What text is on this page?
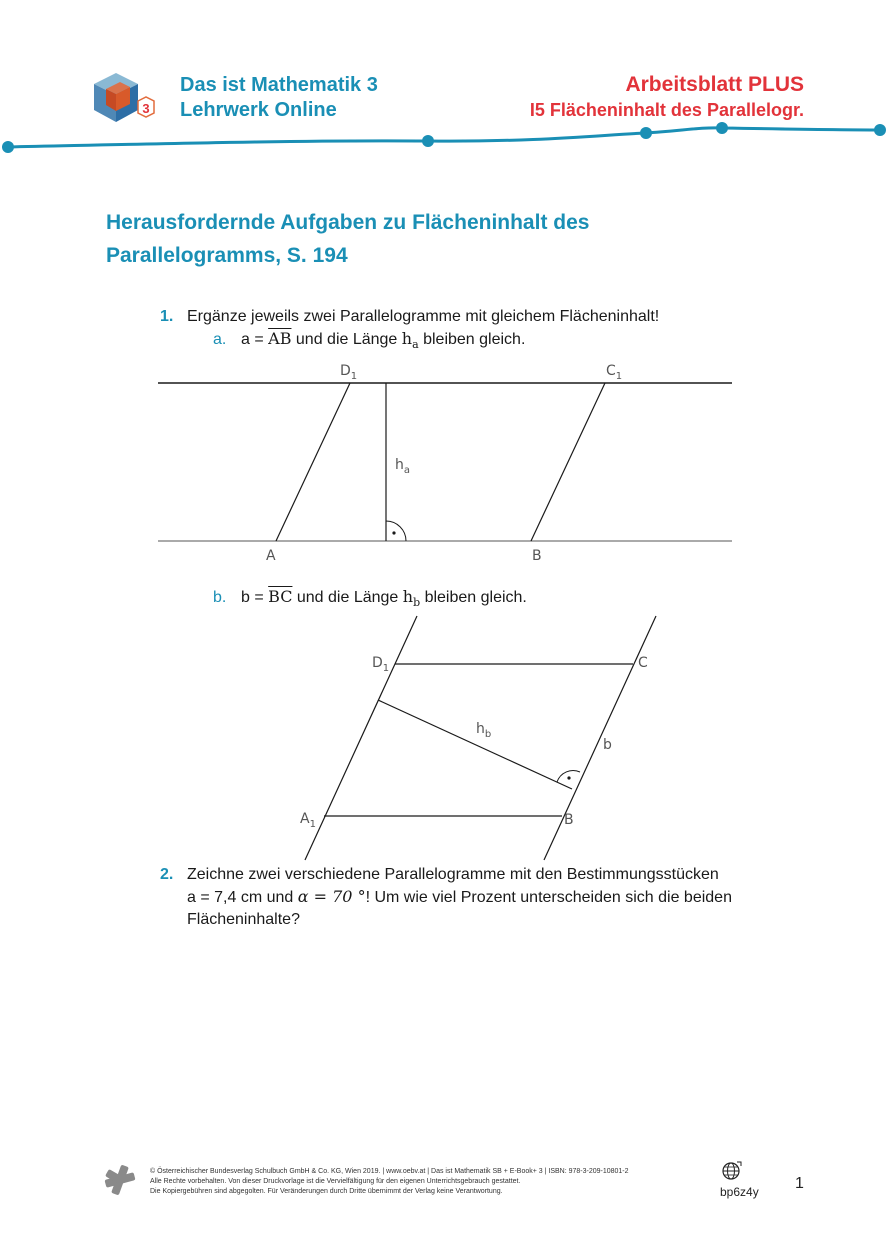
3
Das ist Mathematik 3
Lehrwerk Online
Arbeitsblatt PLUS
I5 Flächeninhalt des Parallelogr.
Herausfordernde Aufgaben zu Flächeninhalt des
Parallelogramms, S. 194
1. Ergänze jeweils zwei Parallelogramme mit gleichem Flächeninhalt!
a. $a = \overline{AB}$ und die Länge $h_a$ bleiben gleich.
$D_1$	$C_1$
$h_a$
A	B
b. $b = \overline{BC}$ und die Länge $h_b$ bleiben gleich.
$D_1$	C
$h_b$
b
$A_1$	B
2. Zeichne zwei verschiedene Parallelogramme mit den Bestimmungsstücken
a = 7,4 cm und α = 70 °! Um wie viel Prozent unterscheiden sich die beiden
Flächeninhalte?
© Österreichischer Bundesverlag Schulbuch GmbH & Co. KG, Wien 2019. | www.oebv.at | Das ist Mathematik SB + E-Book+ 3 | ISBN: 978-3-209-10801-2
Alle Rechte vorbehalten. Von dieser Druckvorlage ist die Vervielfältigung für den eigenen Unterrichtsgebrauch gestattet.
Die Kopiergebühren sind abgegolten. Für Veränderungen durch Dritte übernimmt der Verlag keine Verantwortung.	bp6z4y 1
